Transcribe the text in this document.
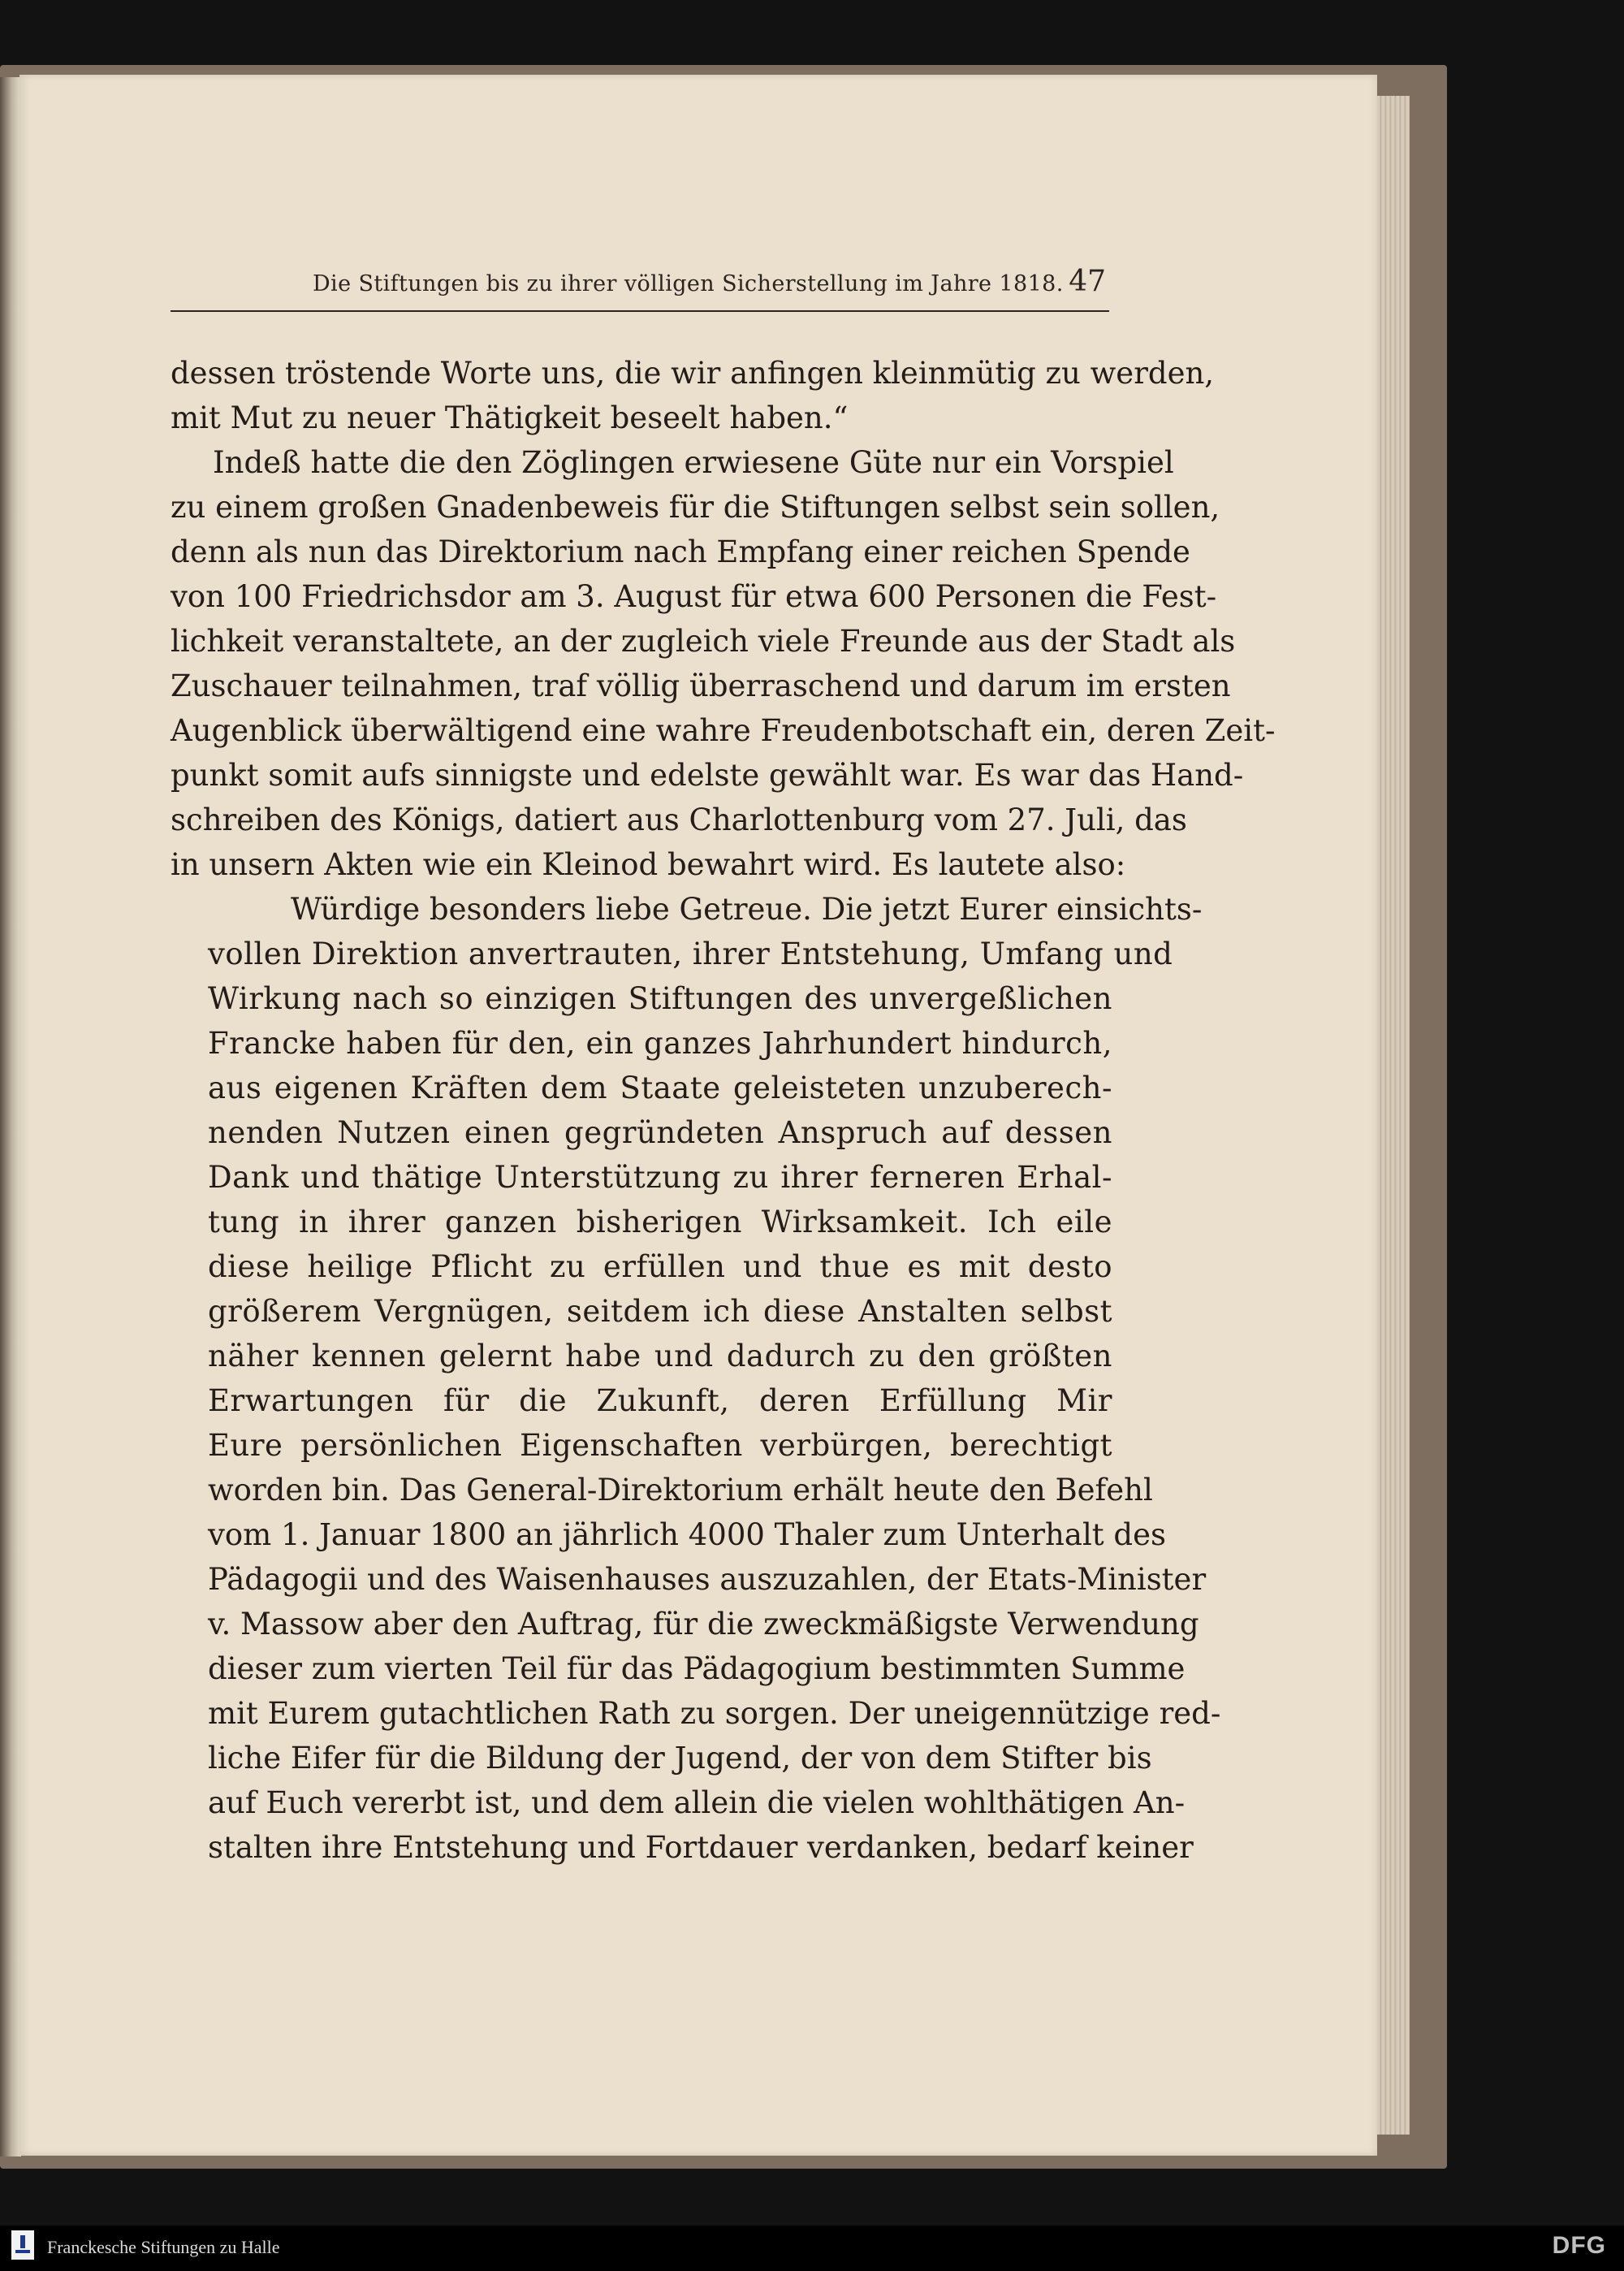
Die Stiftungen bis zu ihrer völligen Sicherstellung im Jahre 1818. 47
dessen tröstende Worte uns, die wir anfingen kleinmütig zu werden,
mit Mut zu neuer Thätigkeit beseelt haben.“
Indeß hatte die den Zöglingen erwiesene Güte nur ein Vorspiel
zu einem großen Gnadenbeweis für die Stiftungen selbst sein sollen,
denn als nun das Direktorium nach Empfang einer reichen Spende
von 100 Friedrichsdor am 3. August für etwa 600 Personen die Fest-
lichkeit veranstaltete, an der zugleich viele Freunde aus der Stadt als
Zuschauer teilnahmen, traf völlig überraschend und darum im ersten
Augenblick überwältigend eine wahre Freudenbotschaft ein, deren Zeit-
punkt somit aufs sinnigste und edelste gewählt war. Es war das Hand-
schreiben des Königs, datiert aus Charlottenburg vom 27. Juli, das
in unsern Akten wie ein Kleinod bewahrt wird. Es lautete also:
Würdige besonders liebe Getreue. Die jetzt Eurer einsichts-
vollen Direktion anvertrauten, ihrer Entstehung, Umfang und
Wirkung nach so einzigen Stiftungen des unvergeßlichen
Francke haben für den, ein ganzes Jahrhundert hindurch,
aus eigenen Kräften dem Staate geleisteten unzuberech-
nenden Nutzen einen gegründeten Anspruch auf dessen
Dank und thätige Unterstützung zu ihrer ferneren Erhal-
tung in ihrer ganzen bisherigen Wirksamkeit. Ich eile
diese heilige Pflicht zu erfüllen und thue es mit desto
größerem Vergnügen, seitdem ich diese Anstalten selbst
näher kennen gelernt habe und dadurch zu den größten
Erwartungen für die Zukunft, deren Erfüllung Mir
Eure persönlichen Eigenschaften verbürgen, berechtigt
worden bin. Das General-Direktorium erhält heute den Befehl
vom 1. Januar 1800 an jährlich 4000 Thaler zum Unterhalt des
Pädagogii und des Waisenhauses auszuzahlen, der Etats-Minister
v. Massow aber den Auftrag, für die zweckmäßigste Verwendung
dieser zum vierten Teil für das Pädagogium bestimmten Summe
mit Eurem gutachtlichen Rath zu sorgen. Der uneigennützige red-
liche Eifer für die Bildung der Jugend, der von dem Stifter bis
auf Euch vererbt ist, und dem allein die vielen wohlthätigen An-
stalten ihre Entstehung und Fortdauer verdanken, bedarf keiner
Franckesche Stiftungen zu Halle	DFG
